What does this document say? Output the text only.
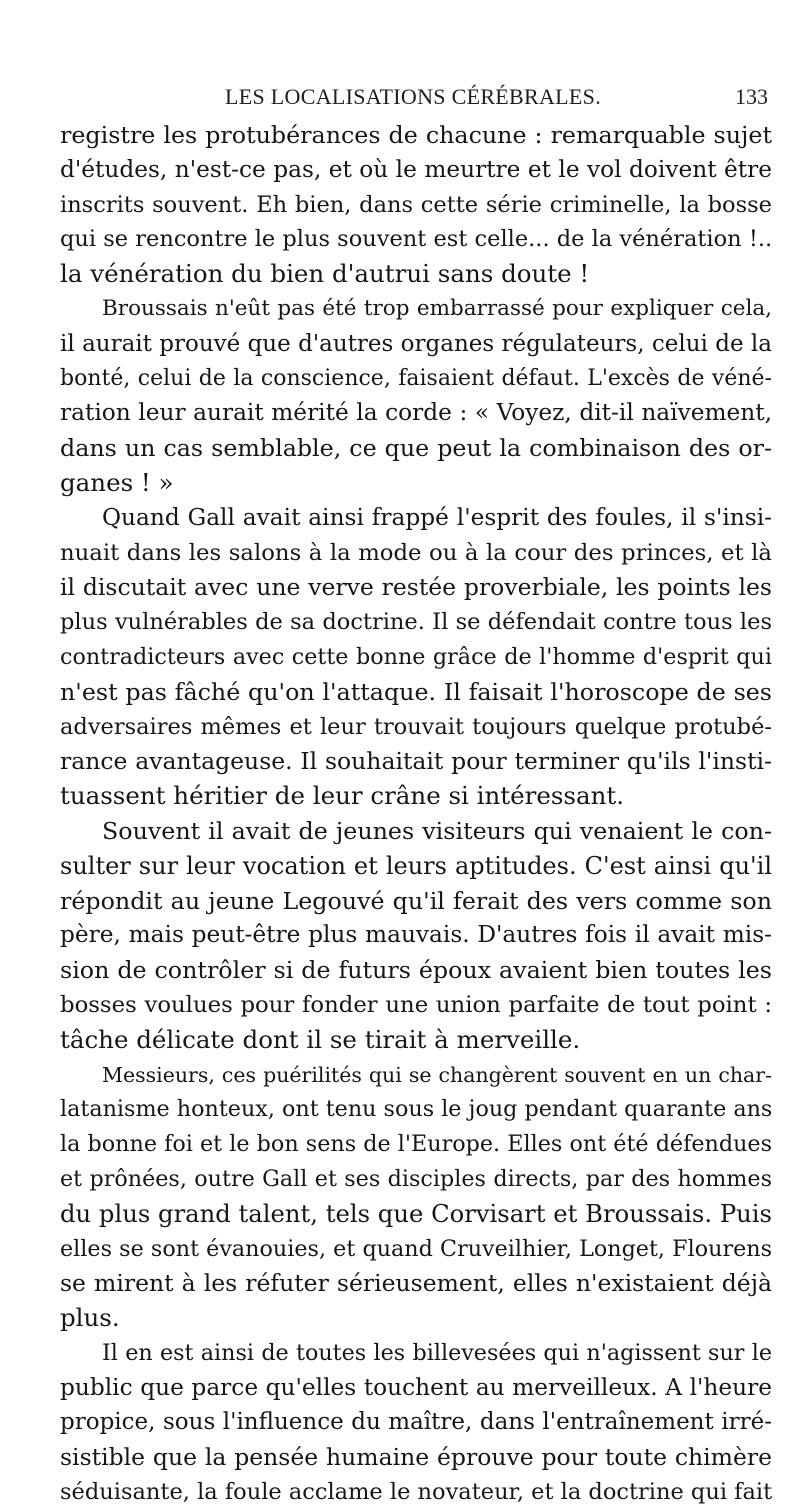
LES LOCALISATIONS CÉRÉBRALES.	133
registre les protubérances de chacune : remarquable sujet
d'études, n'est-ce pas, et où le meurtre et le vol doivent être
inscrits souvent. Eh bien, dans cette série criminelle, la bosse
qui se rencontre le plus souvent est celle... de la vénération !..
la vénération du bien d'autrui sans doute !
Broussais n'eût pas été trop embarrassé pour expliquer cela,
il aurait prouvé que d'autres organes régulateurs, celui de la
bonté, celui de la conscience, faisaient défaut. L'excès de véné-
ration leur aurait mérité la corde : « Voyez, dit-il naïvement,
dans un cas semblable, ce que peut la combinaison des or-
ganes ! »
Quand Gall avait ainsi frappé l'esprit des foules, il s'insi-
nuait dans les salons à la mode ou à la cour des princes, et là
il discutait avec une verve restée proverbiale, les points les
plus vulnérables de sa doctrine. Il se défendait contre tous les
contradicteurs avec cette bonne grâce de l'homme d'esprit qui
n'est pas fâché qu'on l'attaque. Il faisait l'horoscope de ses
adversaires mêmes et leur trouvait toujours quelque protubé-
rance avantageuse. Il souhaitait pour terminer qu'ils l'insti-
tuassent héritier de leur crâne si intéressant.
Souvent il avait de jeunes visiteurs qui venaient le con-
sulter sur leur vocation et leurs aptitudes. C'est ainsi qu'il
répondit au jeune Legouvé qu'il ferait des vers comme son
père, mais peut-être plus mauvais. D'autres fois il avait mis-
sion de contrôler si de futurs époux avaient bien toutes les
bosses voulues pour fonder une union parfaite de tout point :
tâche délicate dont il se tirait à merveille.
Messieurs, ces puérilités qui se changèrent souvent en un char-
latanisme honteux, ont tenu sous le joug pendant quarante ans
la bonne foi et le bon sens de l'Europe. Elles ont été défendues
et prônées, outre Gall et ses disciples directs, par des hommes
du plus grand talent, tels que Corvisart et Broussais. Puis
elles se sont évanouies, et quand Cruveilhier, Longet, Flourens
se mirent à les réfuter sérieusement, elles n'existaient déjà
plus.
Il en est ainsi de toutes les billevesées qui n'agissent sur le
public que parce qu'elles touchent au merveilleux. A l'heure
propice, sous l'influence du maître, dans l'entraînement irré-
sistible que la pensée humaine éprouve pour toute chimère
séduisante, la foule acclame le novateur, et la doctrine qui fait
